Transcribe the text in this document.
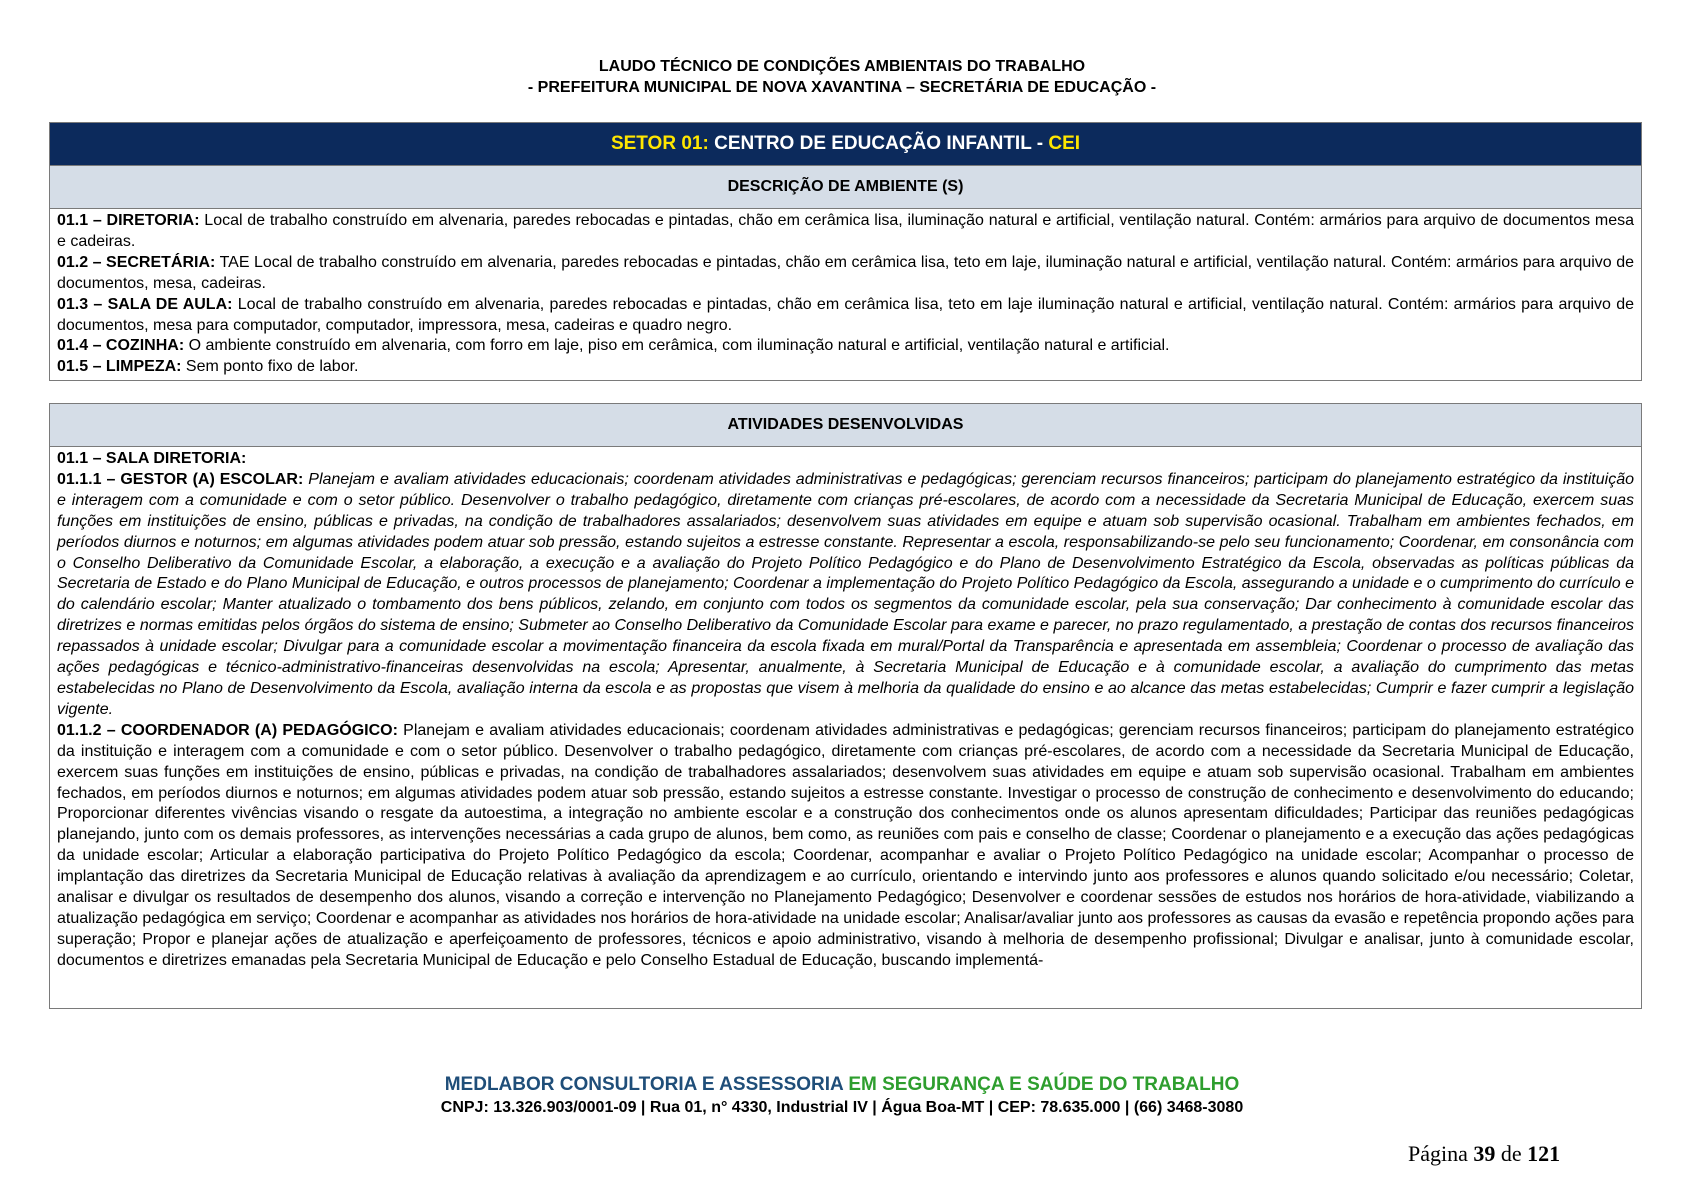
LAUDO TÉCNICO DE CONDIÇÕES AMBIENTAIS DO TRABALHO
- PREFEITURA MUNICIPAL DE NOVA XAVANTINA – SECRETÁRIA DE EDUCAÇÃO -
SETOR 01: CENTRO DE EDUCAÇÃO INFANTIL - CEI
DESCRIÇÃO DE AMBIENTE (S)

01.1 – DIRETORIA: Local de trabalho construído em alvenaria, paredes rebocadas e pintadas, chão em cerâmica lisa, iluminação natural e artificial, ventilação natural. Contém: armários para arquivo de documentos mesa e cadeiras.

01.2 – SECRETÁRIA: TAE Local de trabalho construído em alvenaria, paredes rebocadas e pintadas, chão em cerâmica lisa, teto em laje, iluminação natural e artificial, ventilação natural. Contém: armários para arquivo de documentos, mesa, cadeiras.

01.3 – SALA DE AULA: Local de trabalho construído em alvenaria, paredes rebocadas e pintadas, chão em cerâmica lisa, teto em laje iluminação natural e artificial, ventilação natural. Contém: armários para arquivo de documentos, mesa para computador, computador, impressora, mesa, cadeiras e quadro negro.

01.4 – COZINHA: O ambiente construído em alvenaria, com forro em laje, piso em cerâmica, com iluminação natural e artificial, ventilação natural e artificial.

01.5 – LIMPEZA: Sem ponto fixo de labor.

ATIVIDADES DESENVOLVIDAS

01.1 – SALA DIRETORIA:

01.1.1 – GESTOR (A) ESCOLAR: Planejam e avaliam atividades educacionais; coordenam atividades administrativas e pedagógicas; gerenciam recursos financeiros; participam do planejamento estratégico da instituição e interagem com a comunidade e com o setor público. Desenvolver o trabalho pedagógico, diretamente com crianças pré-escolares, de acordo com a necessidade da Secretaria Municipal de Educação, exercem suas funções em instituições de ensino, públicas e privadas, na condição de trabalhadores assalariados; desenvolvem suas atividades em equipe e atuam sob supervisão ocasional. Trabalham em ambientes fechados, em períodos diurnos e noturnos; em algumas atividades podem atuar sob pressão, estando sujeitos a estresse constante. Representar a escola, responsabilizando-se pelo seu funcionamento; Coordenar, em consonância com o Conselho Deliberativo da Comunidade Escolar, a elaboração, a execução e a avaliação do Projeto Político Pedagógico e do Plano de Desenvolvimento Estratégico da Escola, observadas as políticas públicas da Secretaria de Estado e do Plano Municipal de Educação, e outros processos de planejamento; Coordenar a implementação do Projeto Político Pedagógico da Escola, assegurando a unidade e o cumprimento do currículo e do calendário escolar; Manter atualizado o tombamento dos bens públicos, zelando, em conjunto com todos os segmentos da comunidade escolar, pela sua conservação; Dar conhecimento à comunidade escolar das diretrizes e normas emitidas pelos órgãos do sistema de ensino; Submeter ao Conselho Deliberativo da Comunidade Escolar para exame e parecer, no prazo regulamentado, a prestação de contas dos recursos financeiros repassados à unidade escolar; Divulgar para a comunidade escolar a movimentação financeira da escola fixada em mural/Portal da Transparência e apresentada em assembleia; Coordenar o processo de avaliação das ações pedagógicas e técnico-administrativo-financeiras desenvolvidas na escola; Apresentar, anualmente, à Secretaria Municipal de Educação e à comunidade escolar, a avaliação do cumprimento das metas estabelecidas no Plano de Desenvolvimento da Escola, avaliação interna da escola e as propostas que visem à melhoria da qualidade do ensino e ao alcance das metas estabelecidas; Cumprir e fazer cumprir a legislação vigente.

01.1.2 – COORDENADOR (A) PEDAGÓGICO: Planejam e avaliam atividades educacionais; coordenam atividades administrativas e pedagógicas; gerenciam recursos financeiros; participam do planejamento estratégico da instituição e interagem com a comunidade e com o setor público. Desenvolver o trabalho pedagógico, diretamente com crianças pré-escolares, de acordo com a necessidade da Secretaria Municipal de Educação, exercem suas funções em instituições de ensino, públicas e privadas, na condição de trabalhadores assalariados; desenvolvem suas atividades em equipe e atuam sob supervisão ocasional. Trabalham em ambientes fechados, em períodos diurnos e noturnos; em algumas atividades podem atuar sob pressão, estando sujeitos a estresse constante. Investigar o processo de construção de conhecimento e desenvolvimento do educando; Proporcionar diferentes vivências visando o resgate da autoestima, a integração no ambiente escolar e a construção dos conhecimentos onde os alunos apresentam dificuldades; Participar das reuniões pedagógicas planejando, junto com os demais professores, as intervenções necessárias a cada grupo de alunos, bem como, as reuniões com pais e conselho de classe; Coordenar o planejamento e a execução das ações pedagógicas da unidade escolar; Articular a elaboração participativa do Projeto Político Pedagógico da escola; Coordenar, acompanhar e avaliar o Projeto Político Pedagógico na unidade escolar; Acompanhar o processo de implantação das diretrizes da Secretaria Municipal de Educação relativas à avaliação da aprendizagem e ao currículo, orientando e intervindo junto aos professores e alunos quando solicitado e/ou necessário; Coletar, analisar e divulgar os resultados de desempenho dos alunos, visando a correção e intervenção no Planejamento Pedagógico; Desenvolver e coordenar sessões de estudos nos horários de hora-atividade, viabilizando a atualização pedagógica em serviço; Coordenar e acompanhar as atividades nos horários de hora-atividade na unidade escolar; Analisar/avaliar junto aos professores as causas da evasão e repetência propondo ações para superação; Propor e planejar ações de atualização e aperfeiçoamento de professores, técnicos e apoio administrativo, visando à melhoria de desempenho profissional; Divulgar e analisar, junto à comunidade escolar, documentos e diretrizes emanadas pela Secretaria Municipal de Educação e pelo Conselho Estadual de Educação, buscando implementá-

MEDLABOR CONSULTORIA E ASSESSORIA EM SEGURANÇA E SAÚDE DO TRABALHO
CNPJ: 13.326.903/0001-09 | Rua 01, n° 4330, Industrial IV | Água Boa-MT | CEP: 78.635.000 | (66) 3468-3080
Página 39 de 121
